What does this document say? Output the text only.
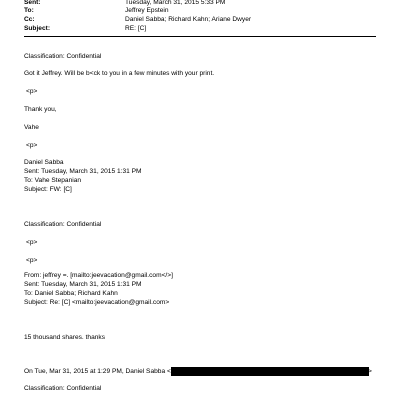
Sent:	Tuesday, March 31, 2015 5:33 PM
To:	Jeffrey Epstein
Cc:	Daniel Sabba; Richard Kahn; Ariane Dwyer
Subject:	RE: [C]
Classification: Confidential
Got it Jeffrey. Will be b<ck to you in a few minutes with your print.
<p>
Thank you,
Vahe
<p>
Daniel Sabba
Sent: Tuesday, March 31, 2015 1:31 PM
To: Vahe Stepanian
Subject: FW: [C]
Classification: Confidential
<p>
<p>
From: jeffrey =. [mailto:jeevacation@gmail.com</>]
Sent: Tuesday, March 31, 2015 1:31 PM
To: Daniel Sabba; Richard Kahn
Subject: Re: [C] <mailto:jeevacation@gmail.com>
15 thousand shares. thanks
On Tue, Mar 31, 2015 at 1:29 PM, Daniel Sabba <	>
Classification: Confidential
